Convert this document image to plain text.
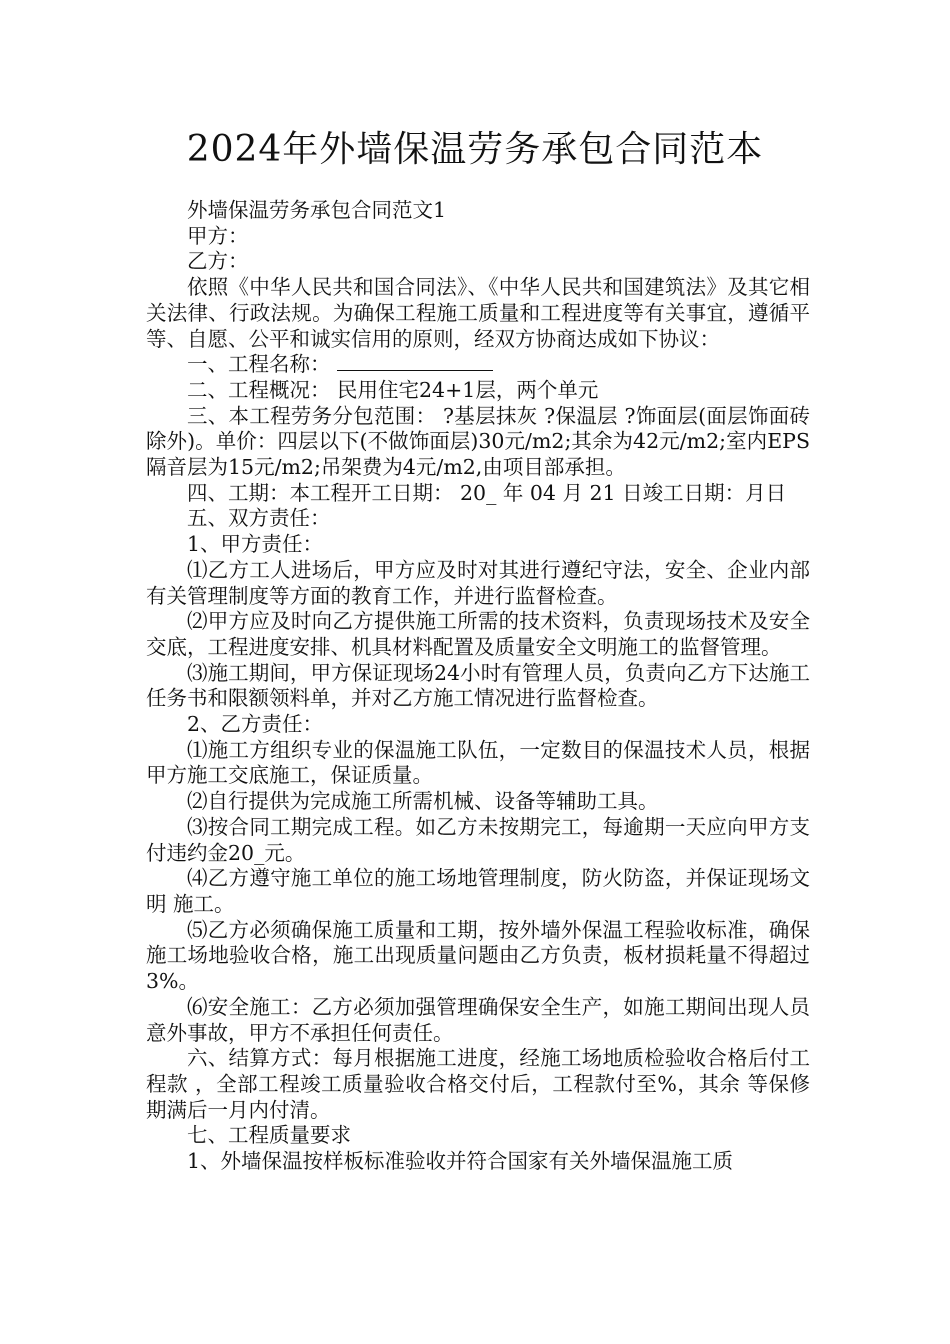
2024年外墙保温劳务承包合同范本

外墙保温劳务承包合同范文1

甲方：

乙方：

依照《中华人民共和国合同法》、《中华人民共和国建筑法》及其它相关法律、行政法规。为确保工程施工质量和工程进度等有关事宜，遵循平等、自愿、公平和诚实信用的原则，经双方协商达成如下协议：

一、工程名称：

二、工程概况： 民用住宅24+1层，两个单元

三、本工程劳务分包范围： ?基层抹灰 ?保温层 ?饰面层(面层饰面砖除外)。单价：四层以下(不做饰面层)30元/m2;其余为42元/m2;室内EPS隔音层为15元/m2;吊架费为4元/m2,由项目部承担。

四、工期：本工程开工日期： 20_ 年 04 月 21 日竣工日期：月日

五、双方责任：

1、甲方责任：

⑴乙方工人进场后，甲方应及时对其进行遵纪守法，安全、企业内部有关管理制度等方面的教育工作，并进行监督检查。

⑵甲方应及时向乙方提供施工所需的技术资料，负责现场技术及安全交底，工程进度安排、机具材料配置及质量安全文明施工的监督管理。

⑶施工期间，甲方保证现场24小时有管理人员，负责向乙方下达施工任务书和限额领料单，并对乙方施工情况进行监督检查。

2、乙方责任：

⑴施工方组织专业的保温施工队伍，一定数目的保温技术人员，根据甲方施工交底施工，保证质量。

⑵自行提供为完成施工所需机械、设备等辅助工具。

⑶按合同工期完成工程。如乙方未按期完工，每逾期一天应向甲方支付违约金20_元。

⑷乙方遵守施工单位的施工场地管理制度，防火防盗，并保证现场文明 施工。

⑸乙方必须确保施工质量和工期，按外墙外保温工程验收标准，确保施工场地验收合格，施工出现质量问题由乙方负责，板材损耗量不得超过3%。

⑹安全施工：乙方必须加强管理确保安全生产，如施工期间出现人员意外事故，甲方不承担任何责任。

六、结算方式：每月根据施工进度，经施工场地质检验收合格后付工程款 ，全部工程竣工质量验收合格交付后，工程款付至%，其余 等保修期满后一月内付清。

七、工程质量要求

1、外墙保温按样板标准验收并符合国家有关外墙保温施工质
